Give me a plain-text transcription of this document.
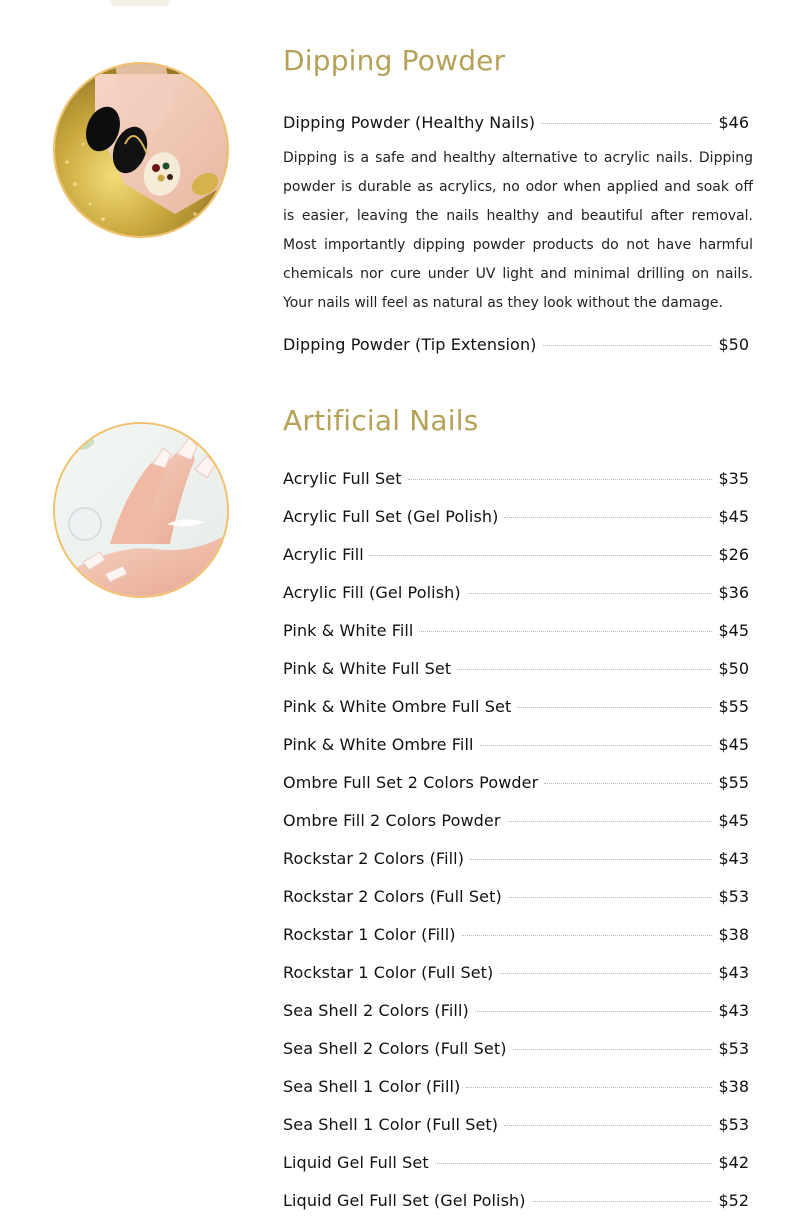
Dipping Powder
Dipping Powder (Healthy Nails)	$46

Dipping is a safe and healthy alternative to acrylic nails. Dipping powder is durable as acrylics, no odor when applied and soak off is easier, leaving the nails healthy and beautiful after removal. Most importantly dipping powder products do not have harmful chemicals nor cure under UV light and minimal drilling on nails. Your nails will feel as natural as they look without the damage.

Dipping Powder (Tip Extension)	$50
Artificial Nails
Acrylic Full Set	$35
Acrylic Full Set (Gel Polish)	$45
Acrylic Fill	$26
Acrylic Fill (Gel Polish)	$36
Pink & White Fill	$45
Pink & White Full Set	$50
Pink & White Ombre Full Set	$55
Pink & White Ombre Fill	$45
Ombre Full Set 2 Colors Powder	$55
Ombre Fill 2 Colors Powder	$45
Rockstar 2 Colors (Fill)	$43
Rockstar 2 Colors (Full Set)	$53
Rockstar 1 Color (Fill)	$38
Rockstar 1 Color (Full Set)	$43
Sea Shell 2 Colors (Fill)	$43
Sea Shell 2 Colors (Full Set)	$53
Sea Shell 1 Color (Fill)	$38
Sea Shell 1 Color (Full Set)	$53
Liquid Gel Full Set	$42
Liquid Gel Full Set (Gel Polish)	$52
